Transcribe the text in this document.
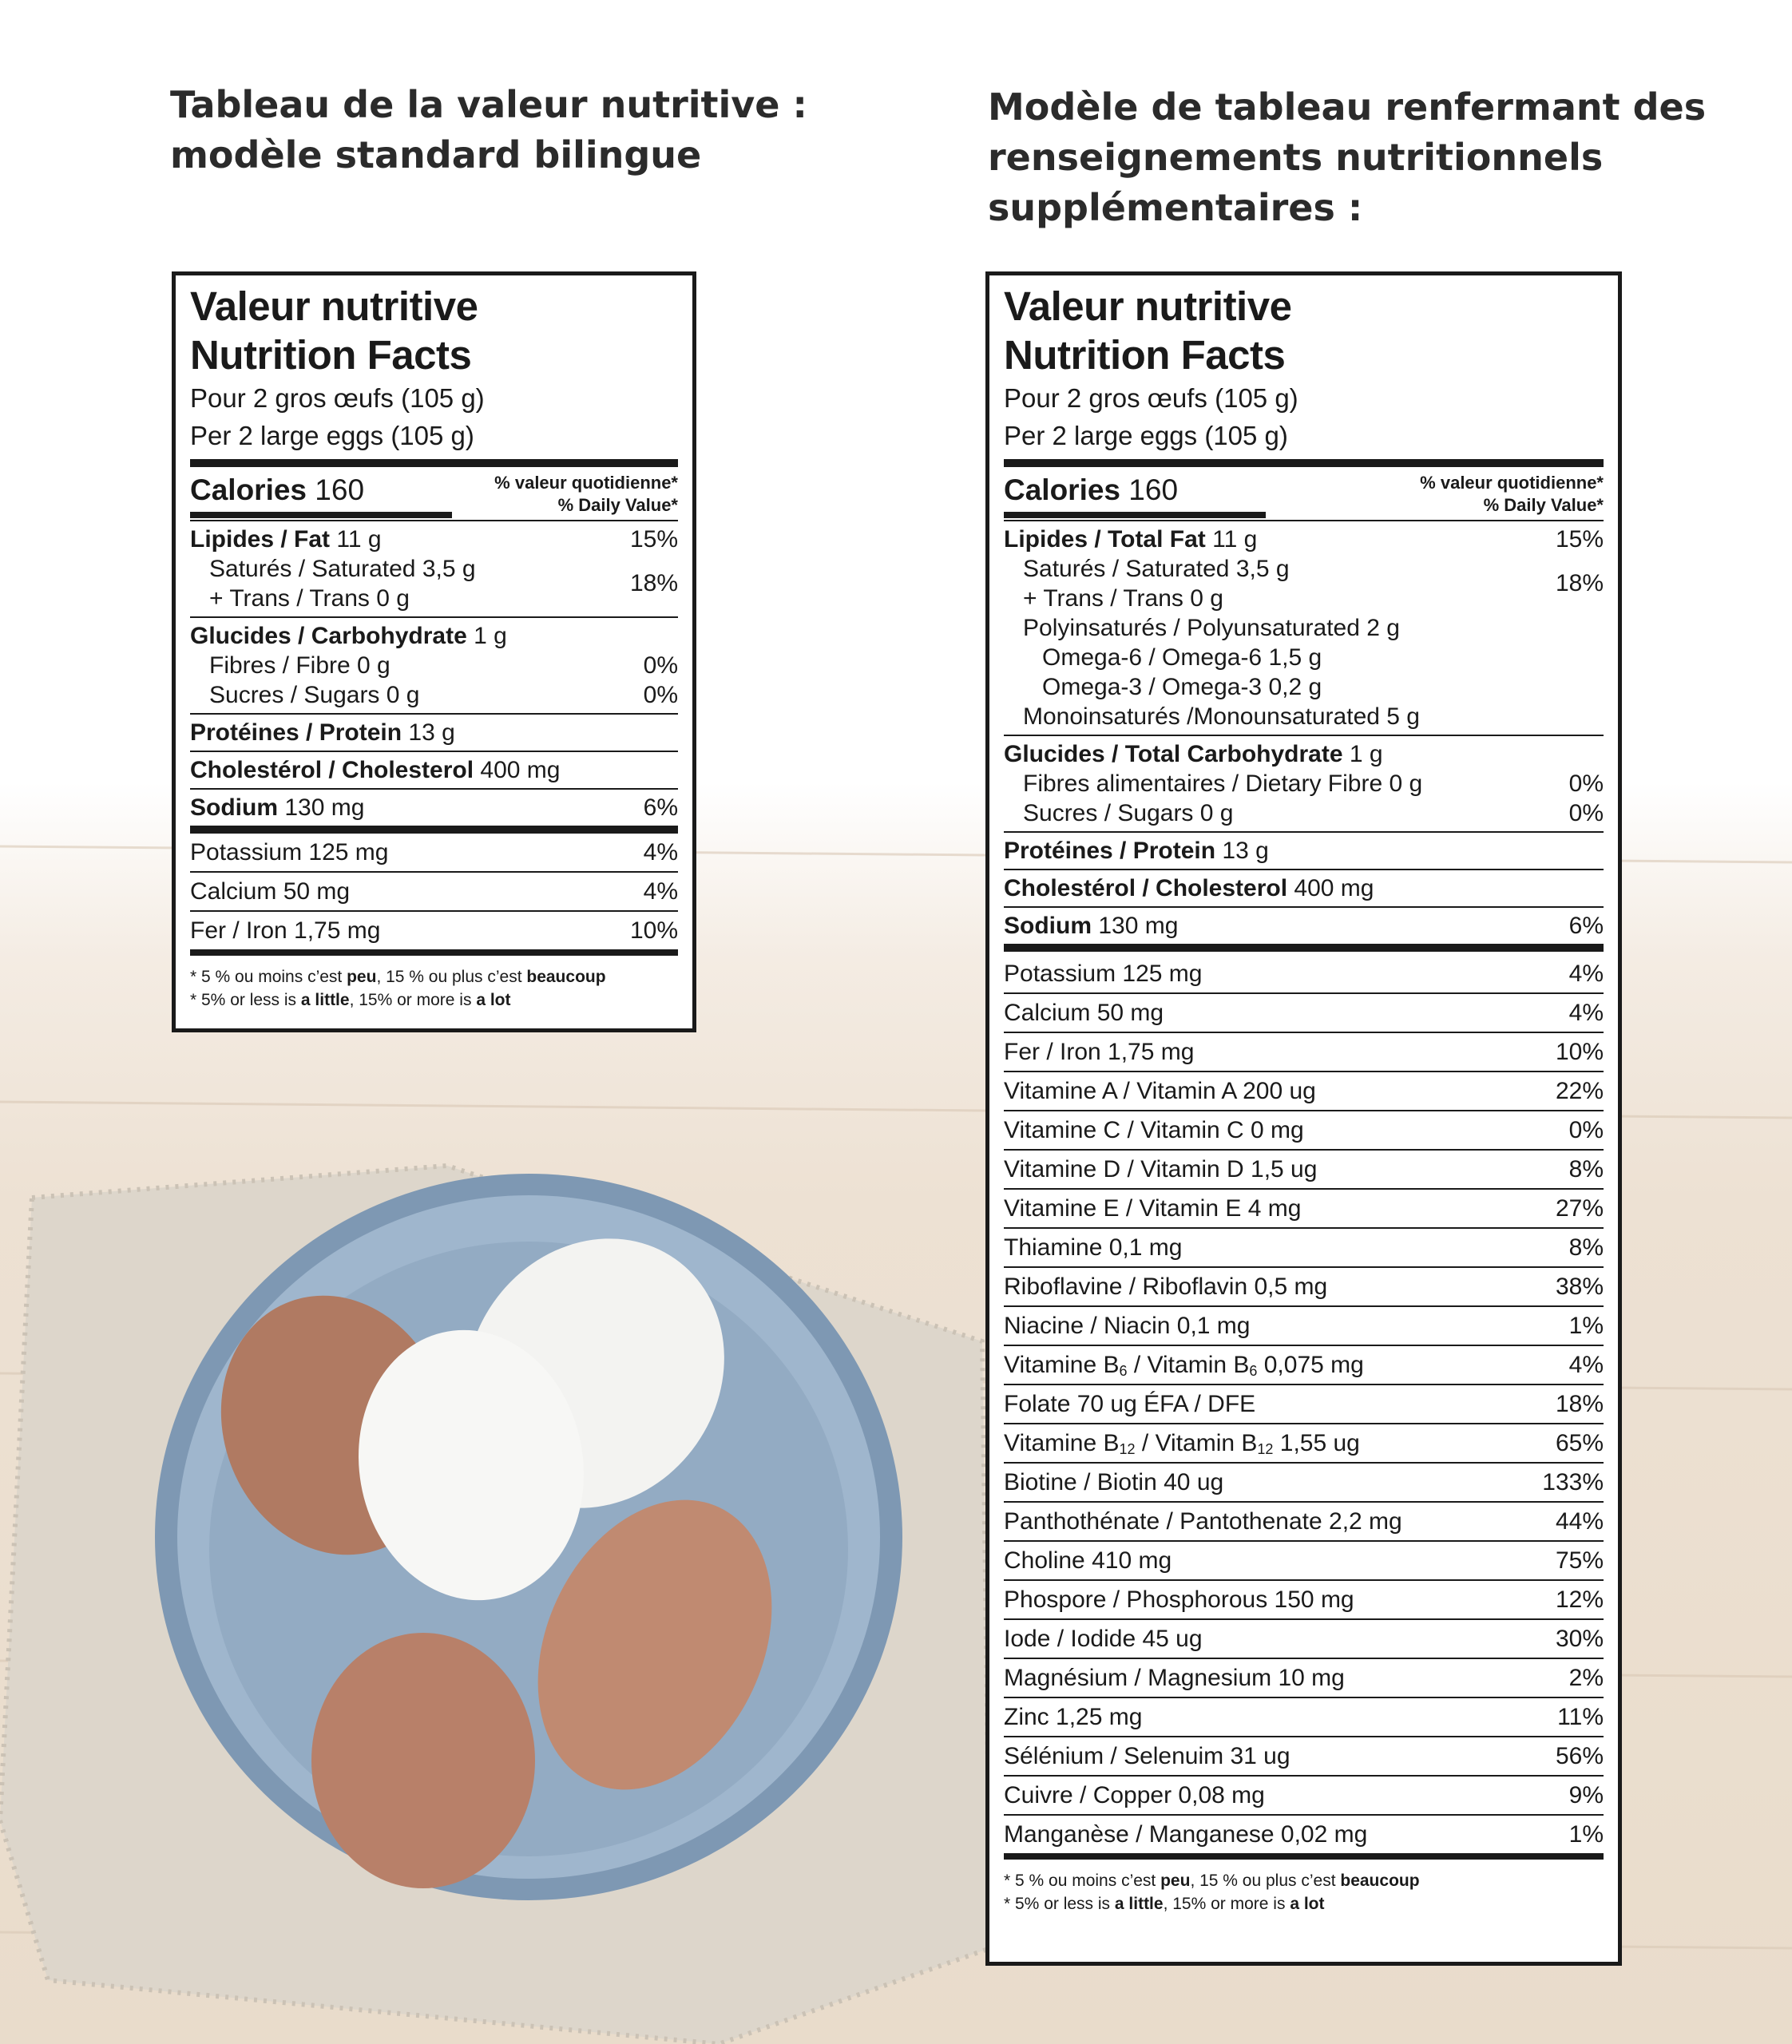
Tableau de la valeur nutritive :
modèle standard bilingue
Modèle de tableau renfermant des
renseignements nutritionnels
supplémentaires :
Valeur nutritive
Nutrition Facts
Pour 2 gros œufs (105 g)
Per 2 large eggs (105 g)
Calories 160	% valeur quotidienne*
% Daily Value*
Lipides / Fat 11 g	15%
Saturés / Saturated 3,5 g
+ Trans / Trans 0 g
18%
Glucides / Carbohydrate 1 g
Fibres / Fibre 0 g	0%
Sucres / Sugars 0 g	0%
Protéines / Protein 13 g
Cholestérol / Cholesterol 400 mg
Sodium 130 mg	6%
Potassium 125 mg	4%
Calcium 50 mg	4%
Fer / Iron 1,75 mg	10%
* 5 % ou moins c’est peu, 15 % ou plus c’est beaucoup
* 5% or less is a little, 15% or more is a lot
Valeur nutritive
Nutrition Facts
Pour 2 gros œufs (105 g)
Per 2 large eggs (105 g)
Calories 160	% valeur quotidienne*
% Daily Value*
Lipides / Total Fat 11 g	15%
Saturés / Saturated 3,5 g
+ Trans / Trans 0 g
18%
Polyinsaturés / Polyunsaturated 2 g
Omega-6 / Omega-6 1,5 g
Omega-3 / Omega-3 0,2 g
Monoinsaturés /Monounsaturated 5 g
Glucides / Total Carbohydrate 1 g
Fibres alimentaires / Dietary Fibre 0 g	0%
Sucres / Sugars 0 g	0%
Protéines / Protein 13 g
Cholestérol / Cholesterol 400 mg
Sodium 130 mg	6%
Potassium 125 mg	4%
Calcium 50 mg	4%
Fer / Iron 1,75 mg	10%
Vitamine A / Vitamin A 200 ug	22%
Vitamine C / Vitamin C 0 mg	0%
Vitamine D / Vitamin D 1,5 ug	8%
Vitamine E / Vitamin E 4 mg	27%
Thiamine 0,1 mg	8%
Riboflavine / Riboflavin 0,5 mg	38%
Niacine / Niacin 0,1 mg	1%
Vitamine $B_6$ / Vitamin $B_6$ 0,075 mg	4%
Folate 70 ug ÉFA / DFE	18%
Vitamine $B_{12}$ / Vitamin $B_{12}$ 1,55 ug	65%
Biotine / Biotin 40 ug	133%
Panthothénate / Pantothenate 2,2 mg	44%
Choline 410 mg	75%
Phospore / Phosphorous 150 mg	12%
Iode / Iodide 45 ug	30%
Magnésium / Magnesium 10 mg	2%
Zinc 1,25 mg	11%
Sélénium / Selenuim 31 ug	56%
Cuivre / Copper 0,08 mg	9%
Manganèse / Manganese 0,02 mg	1%
* 5 % ou moins c’est peu, 15 % ou plus c’est beaucoup
* 5% or less is a little, 15% or more is a lot
